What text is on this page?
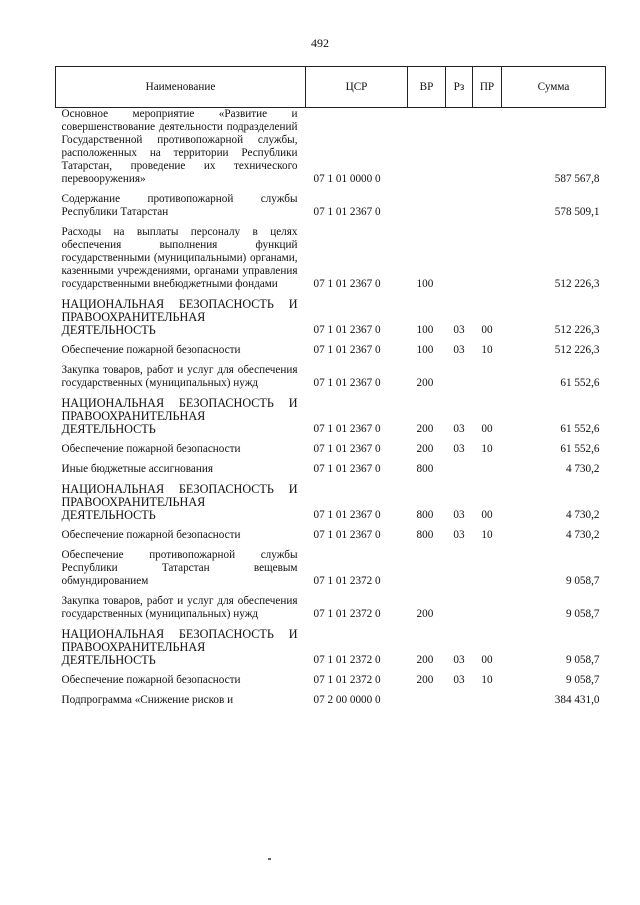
492
Наименование	ЦСР	ВР	Рз	ПР	Сумма
Основное мероприятие «Развитие и совершенствование деятельности подразделений Государственной противопожарной службы, расположенных на территории Республики Татарстан, проведение их технического перевооружения»	07 1 01 0000 0				587 567,8
Содержание противопожарной службы Республики Татарстан	07 1 01 2367 0				578 509,1
Расходы на выплаты персоналу в целях обеспечения выполнения функций государственными (муниципальными) органами, казенными учреждениями, органами управления государственными внебюджетными фондами	07 1 01 2367 0	100			512 226,3
НАЦИОНАЛЬНАЯ БЕЗОПАСНОСТЬ И ПРАВООХРАНИТЕЛЬНАЯ ДЕЯТЕЛЬНОСТЬ	07 1 01 2367 0	100	03	00	512 226,3
Обеспечение пожарной безопасности	07 1 01 2367 0	100	03	10	512 226,3
Закупка товаров, работ и услуг для обеспечения государственных (муниципальных) нужд	07 1 01 2367 0	200			61 552,6
НАЦИОНАЛЬНАЯ БЕЗОПАСНОСТЬ И ПРАВООХРАНИТЕЛЬНАЯ ДЕЯТЕЛЬНОСТЬ	07 1 01 2367 0	200	03	00	61 552,6
Обеспечение пожарной безопасности	07 1 01 2367 0	200	03	10	61 552,6
Иные бюджетные ассигнования	07 1 01 2367 0	800			4 730,2
НАЦИОНАЛЬНАЯ БЕЗОПАСНОСТЬ И ПРАВООХРАНИТЕЛЬНАЯ ДЕЯТЕЛЬНОСТЬ	07 1 01 2367 0	800	03	00	4 730,2
Обеспечение пожарной безопасности	07 1 01 2367 0	800	03	10	4 730,2
Обеспечение противопожарной службы Республики Татарстан вещевым обмундированием	07 1 01 2372 0				9 058,7
Закупка товаров, работ и услуг для обеспечения государственных (муниципальных) нужд	07 1 01 2372 0	200			9 058,7
НАЦИОНАЛЬНАЯ БЕЗОПАСНОСТЬ И ПРАВООХРАНИТЕЛЬНАЯ ДЕЯТЕЛЬНОСТЬ	07 1 01 2372 0	200	03	00	9 058,7
Обеспечение пожарной безопасности	07 1 01 2372 0	200	03	10	9 058,7
Подпрограмма «Снижение рисков и	07 2 00 0000 0				384 431,0
